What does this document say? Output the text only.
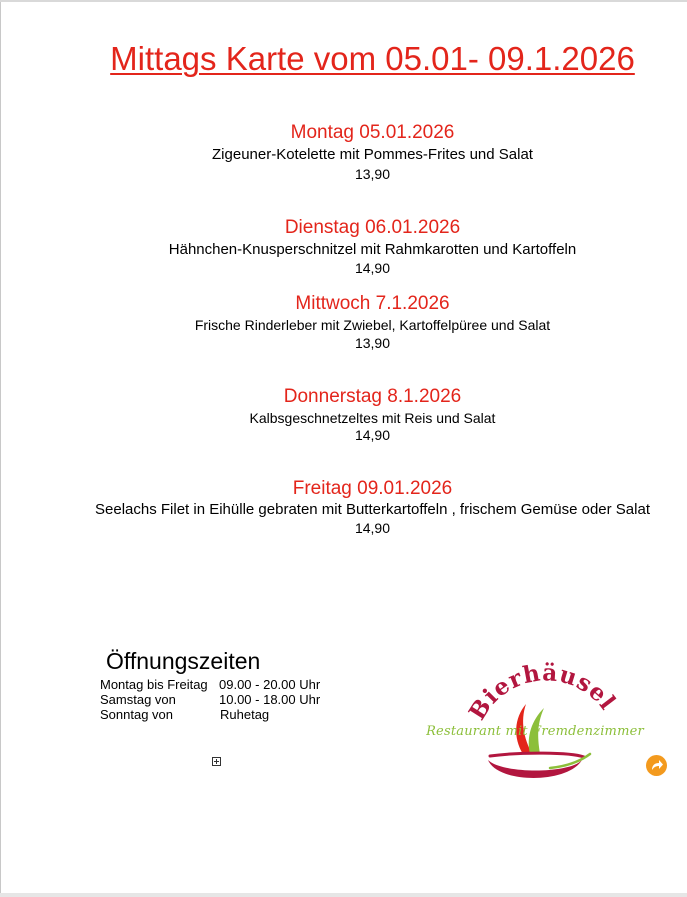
Mittags Karte vom 05.01- 09.1.2026
Montag 05.01.2026
Zigeuner-Kotelette mit Pommes-Frites und Salat
13,90
Dienstag 06.01.2026
Hähnchen-Knusperschnitzel mit Rahmkarotten und Kartoffeln
14,90
Mittwoch 7.1.2026
Frische Rinderleber mit Zwiebel, Kartoffelpüree und Salat
13,90
Donnerstag 8.1.2026
Kalbsgeschnetzeltes mit Reis und Salat
14,90
Freitag 09.01.2026
Seelachs Filet in Eihülle gebraten mit Butterkartoffeln , frischem Gemüse oder Salat
14,90
Öffnungszeiten
Montag bis Freitag 09.00 - 20.00 Uhr
Samstag von	10.00 - 18.00 Uhr
Sonntag von	Ruhetag	Bierhäusel
Restaurant mit Fremdenzimmer
